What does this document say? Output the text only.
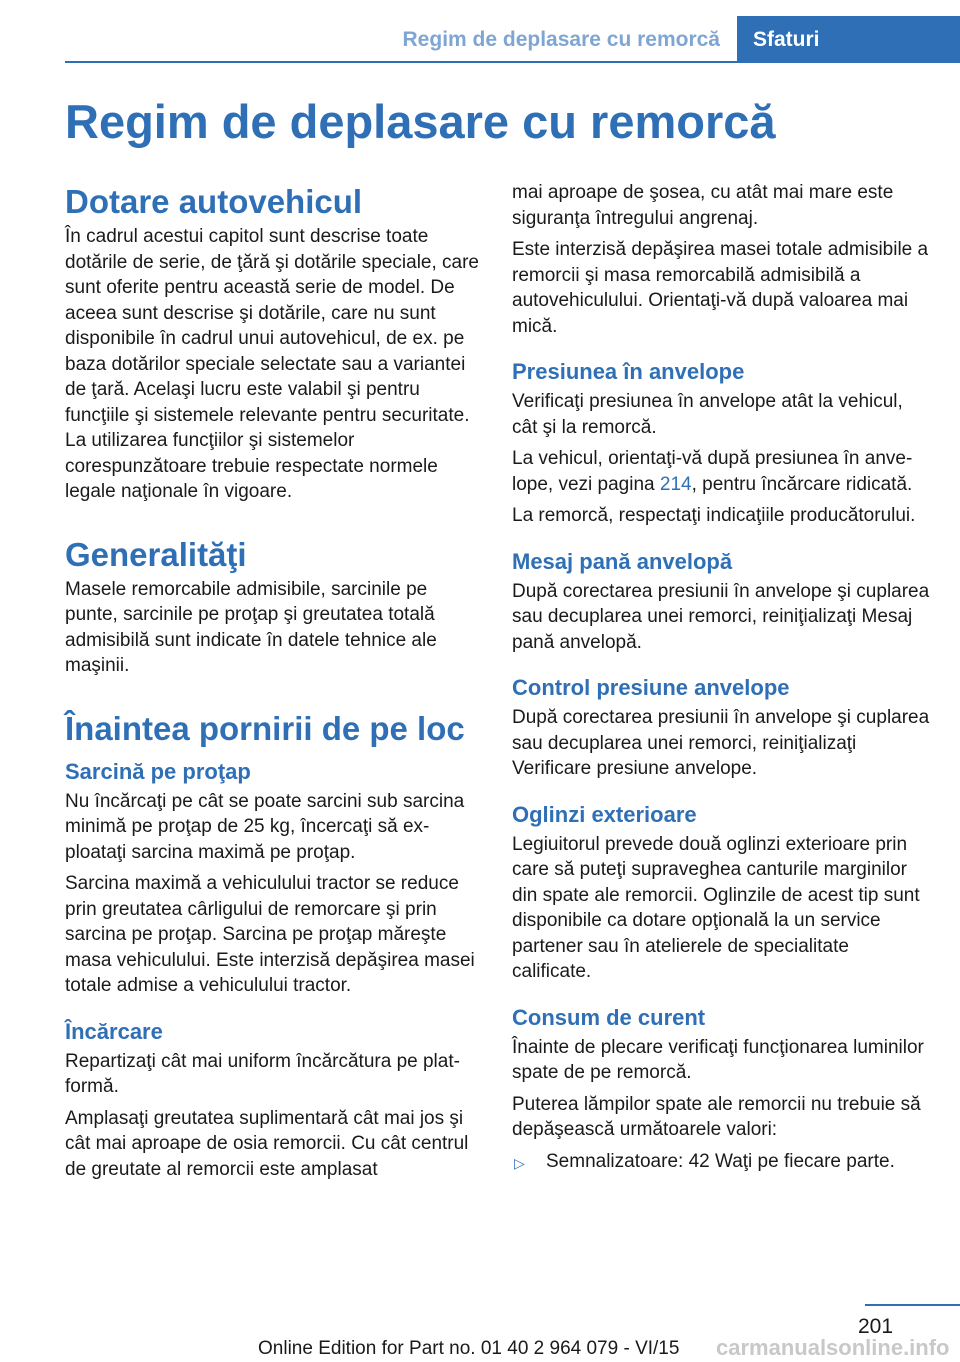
Regim de deplasare cu remorcă Sfaturi
Regim de deplasare cu remorcă
Dotare autovehicul

În cadrul acestui capitol sunt descrise toate dotările de serie, de ţără şi dotările speciale, care sunt oferite pentru această serie de model. De aceea sunt descrise şi dotările, care nu sunt disponibile în cadrul unui autovehicul, de ex. pe baza dotărilor speciale selectate sau a variantei de ţară. Acelaşi lucru este valabil şi pentru funcţiile şi sistemele relevante pentru securitate. La utilizarea funcţiilor şi sistemelor corespunzătoare trebuie respectate normele legale naţionale în vigoare.

Generalităţi

Masele remorcabile admisibile, sarcinile pe punte, sarcinile pe proţap şi greutatea totală admisibilă sunt indicate în datele tehnice ale maşinii.

Înaintea pornirii de pe loc
Sarcină pe proţap

Nu încărcaţi pe cât se poate sarcini sub sarcina minimă pe proţap de 25 kg, încercaţi să exploataţi sarcina maximă pe proţap.

Sarcina maximă a vehiculului tractor se reduce prin greutatea cârligului de remorcare şi prin sarcina pe proţap. Sarcina pe proţap măreşte masa vehiculului. Este interzisă depăşirea masei totale admise a vehiculului tractor.

Încărcare

Repartizaţi cât mai uniform încărcătura pe platformă.

Amplasaţi greutatea suplimentară cât mai jos şi cât mai aproape de osia remorcii. Cu cât centrul de greutate al remorcii este amplasat

mai aproape de şosea, cu atât mai mare este siguranţa întregului angrenaj.

Este interzisă depăşirea masei totale admisibile a remorcii şi masa remorcabilă admisibilă a autovehiculului. Orientaţi-vă după valoarea mai mică.

Presiunea în anvelope

Verificaţi presiunea în anvelope atât la vehicul, cât şi la remorcă.

La vehicul, orientaţi-vă după presiunea în anvelope, vezi pagina 214, pentru încărcare ridicată.

La remorcă, respectaţi indicaţiile producătorului.

Mesaj pană anvelopă

După corectarea presiunii în anvelope şi cuplarea sau decuplarea unei remorci, reiniţializaţi Mesaj pană anvelopă.

Control presiune anvelope

După corectarea presiunii în anvelope şi cuplarea sau decuplarea unei remorci, reiniţializaţi Verificare presiune anvelope.

Oglinzi exterioare

Legiuitorul prevede două oglinzi exterioare prin care să puteţi supraveghea canturile marginilor din spate ale remorcii. Oglinzile de acest tip sunt disponibile ca dotare opţională la un service partener sau în atelierele de specialitate calificate.

Consum de curent

Înainte de plecare verificaţi funcţionarea luminilor spate de pe remorcă.

Puterea lămpilor spate ale remorcii nu trebuie să depăşească următoarele valori:

▷ Semnalizatoare: 42 Waţi pe fiecare parte.
201
Online Edition for Part no. 01 40 2 964 079 - VI/15 carmanualsonline.info
